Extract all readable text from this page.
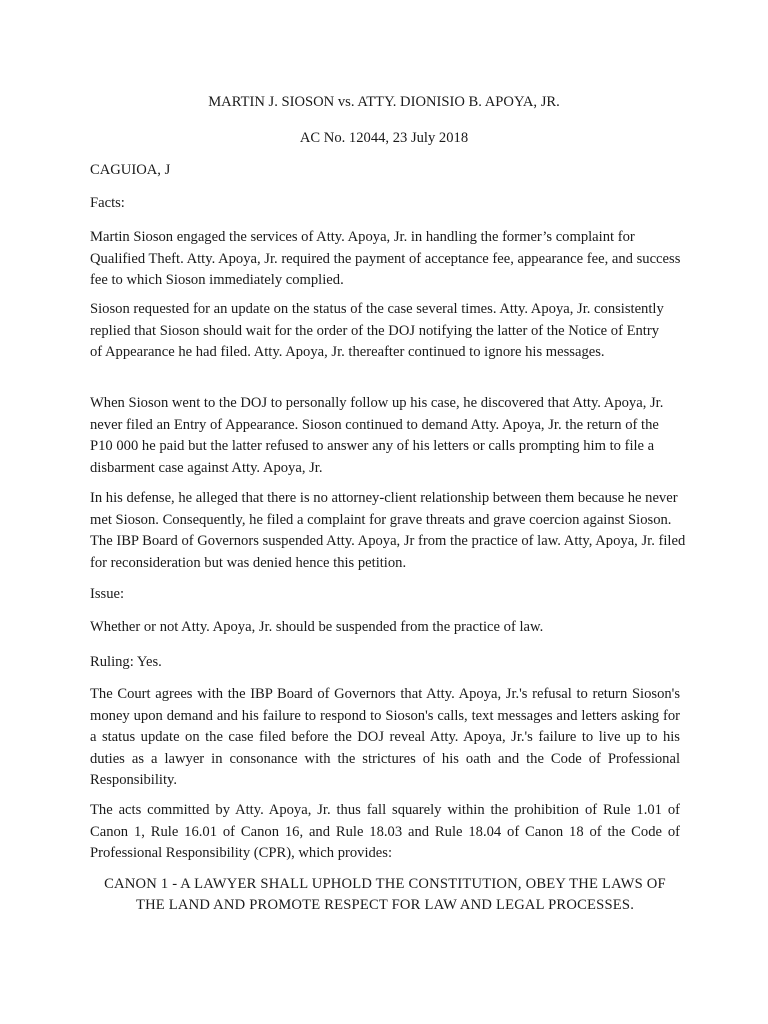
MARTIN J. SIOSON vs. ATTY. DIONISIO B. APOYA, JR.
AC No. 12044, 23 July 2018
CAGUIOA, J
Facts:
Martin Sioson engaged the services of Atty. Apoya, Jr. in handling the former’s complaint for Qualified Theft. Atty. Apoya, Jr. required the payment of acceptance fee, appearance fee, and success fee to which Sioson immediately complied.
Sioson requested for an update on the status of the case several times. Atty. Apoya, Jr. consistently replied that Sioson should wait for the order of the DOJ notifying the latter of the Notice of Entry of Appearance he had filed. Atty. Apoya, Jr. thereafter continued to ignore his messages.
When Sioson went to the DOJ to personally follow up his case, he discovered that Atty. Apoya, Jr. never filed an Entry of Appearance. Sioson continued to demand Atty. Apoya, Jr. the return of the P10 000 he paid but the latter refused to answer any of his letters or calls prompting him to file a disbarment case against Atty. Apoya, Jr.
In his defense, he alleged that there is no attorney-client relationship between them because he never met Sioson. Consequently, he filed a complaint for grave threats and grave coercion against Sioson. The IBP Board of Governors suspended Atty. Apoya, Jr from the practice of law. Atty, Apoya, Jr. filed for reconsideration but was denied hence this petition.
Issue:
Whether or not Atty. Apoya, Jr. should be suspended from the practice of law.
Ruling: Yes.
The Court agrees with the IBP Board of Governors that Atty. Apoya, Jr.'s refusal to return Sioson's money upon demand and his failure to respond to Sioson's calls, text messages and letters asking for a status update on the case filed before the DOJ reveal Atty. Apoya, Jr.'s failure to live up to his duties as a lawyer in consonance with the strictures of his oath and the Code of Professional Responsibility.
The acts committed by Atty. Apoya, Jr. thus fall squarely within the prohibition of Rule 1.01 of Canon 1, Rule 16.01 of Canon 16, and Rule 18.03 and Rule 18.04 of Canon 18 of the Code of Professional Responsibility (CPR), which provides:
CANON 1 - A LAWYER SHALL UPHOLD THE CONSTITUTION, OBEY THE LAWS OF THE LAND AND PROMOTE RESPECT FOR LAW AND LEGAL PROCESSES.
